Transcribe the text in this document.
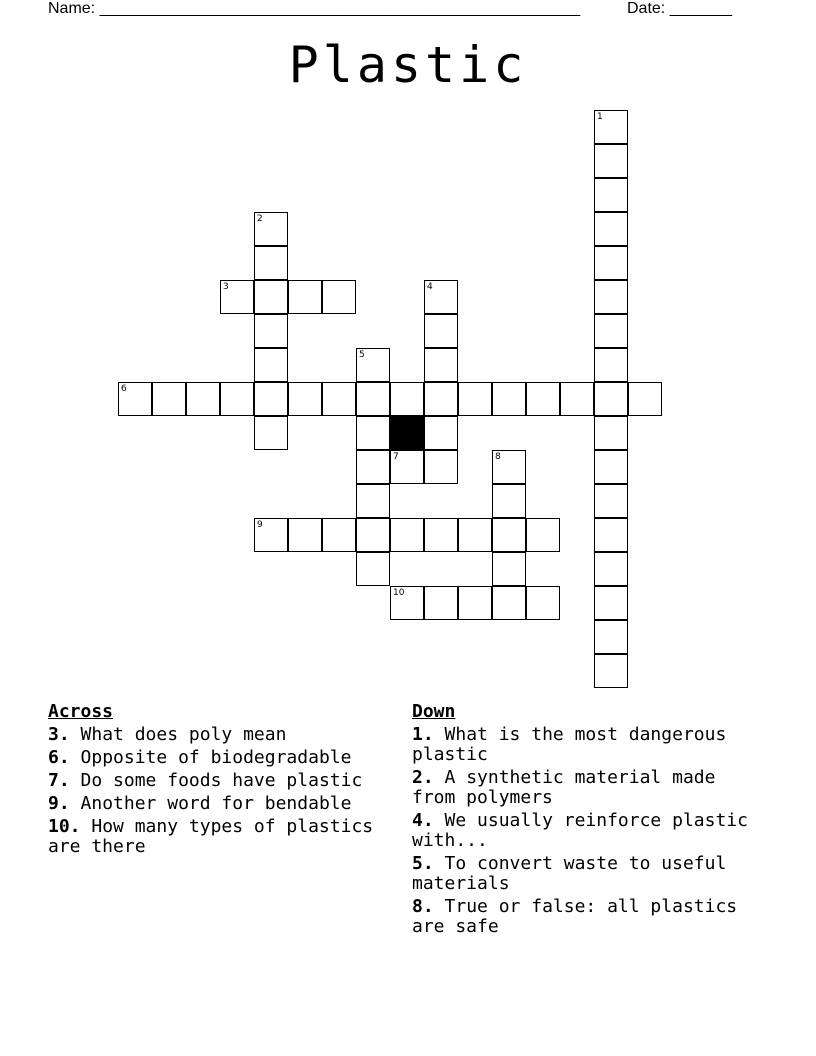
Name: ______________________________________________________	Date: _______
Plastic
1
2
3	4
5
6
7	8
9
10
Across
3. What does poly mean
6. Opposite of biodegradable
7. Do some foods have plastic
9. Another word for bendable
10. How many types of plastics are there
Down
1. What is the most dangerous plastic
2. A synthetic material made from polymers
4. We usually reinforce plastic with...
5. To convert waste to useful materials
8. True or false: all plastics are safe
